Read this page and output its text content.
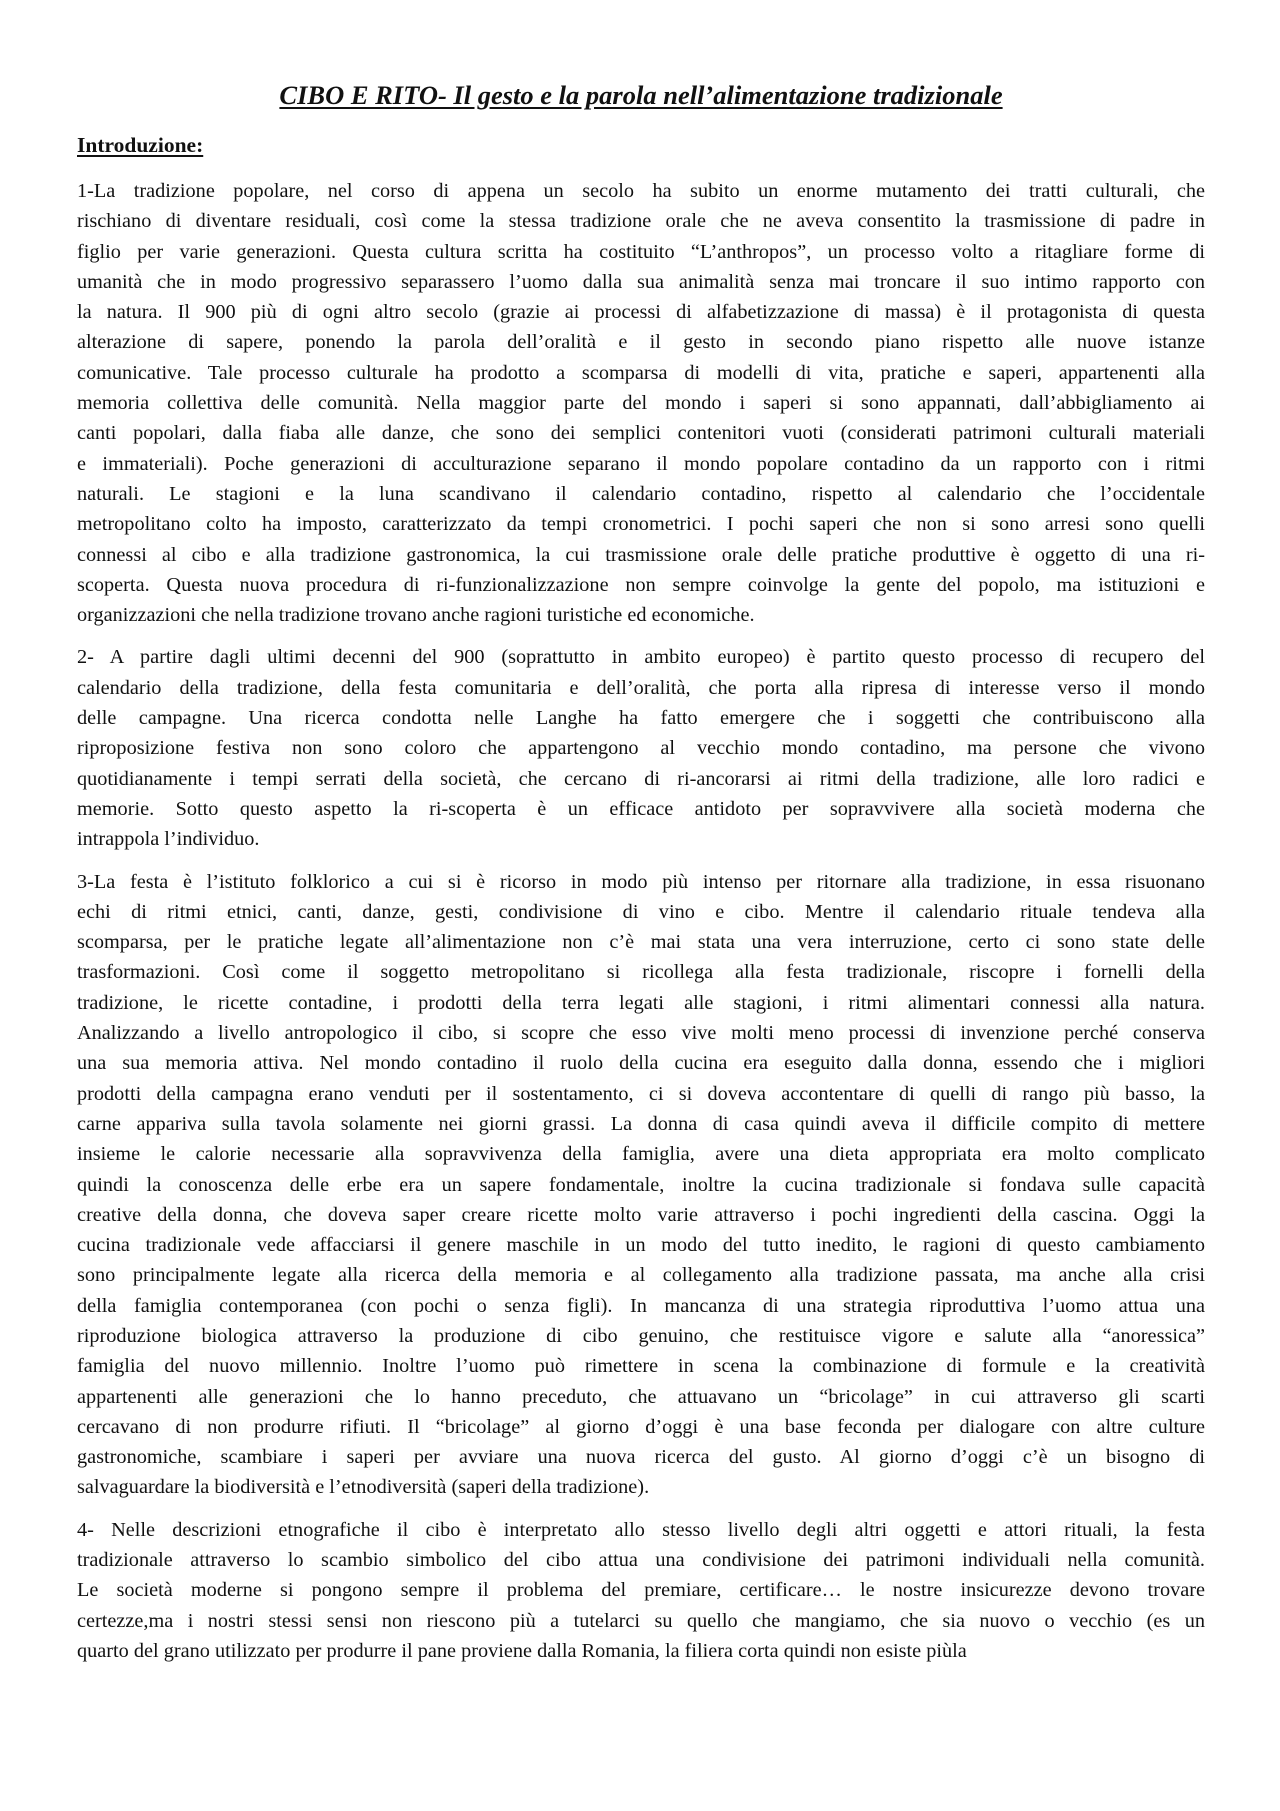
CIBO E RITO- Il gesto e la parola nell’alimentazione tradizionale
Introduzione:
1-La tradizione popolare, nel corso di appena un secolo ha subito un enorme mutamento dei tratti culturali, che
rischiano di diventare residuali, così come la stessa tradizione orale che ne aveva consentito la trasmissione di padre in
figlio per varie generazioni. Questa cultura scritta ha costituito “L’anthropos”, un processo volto a ritagliare forme di
umanità che in modo progressivo separassero l’uomo dalla sua animalità senza mai troncare il suo intimo rapporto con
la natura. Il 900 più di ogni altro secolo (grazie ai processi di alfabetizzazione di massa) è il protagonista di questa
alterazione di sapere, ponendo la parola dell’oralità e il gesto in secondo piano rispetto alle nuove istanze
comunicative. Tale processo culturale ha prodotto a scomparsa di modelli di vita, pratiche e saperi, appartenenti alla
memoria collettiva delle comunità. Nella maggior parte del mondo i saperi si sono appannati, dall’abbigliamento ai
canti popolari, dalla fiaba alle danze, che sono dei semplici contenitori vuoti (considerati patrimoni culturali materiali
e immateriali). Poche generazioni di acculturazione separano il mondo popolare contadino da un rapporto con i ritmi
naturali. Le stagioni e la luna scandivano il calendario contadino, rispetto al calendario che l’occidentale
metropolitano colto ha imposto, caratterizzato da tempi cronometrici. I pochi saperi che non si sono arresi sono quelli
connessi al cibo e alla tradizione gastronomica, la cui trasmissione orale delle pratiche produttive è oggetto di una ri-
scoperta. Questa nuova procedura di ri-funzionalizzazione non sempre coinvolge la gente del popolo, ma istituzioni e
organizzazioni che nella tradizione trovano anche ragioni turistiche ed economiche.
2- A partire dagli ultimi decenni del 900 (soprattutto in ambito europeo) è partito questo processo di recupero del
calendario della tradizione, della festa comunitaria e dell’oralità, che porta alla ripresa di interesse verso il mondo
delle campagne. Una ricerca condotta nelle Langhe ha fatto emergere che i soggetti che contribuiscono alla
riproposizione festiva non sono coloro che appartengono al vecchio mondo contadino, ma persone che vivono
quotidianamente i tempi serrati della società, che cercano di ri-ancorarsi ai ritmi della tradizione, alle loro radici e
memorie. Sotto questo aspetto la ri-scoperta è un efficace antidoto per sopravvivere alla società moderna che
intrappola l’individuo.
3-La festa è l’istituto folklorico a cui si è ricorso in modo più intenso per ritornare alla tradizione, in essa risuonano
echi di ritmi etnici, canti, danze, gesti, condivisione di vino e cibo. Mentre il calendario rituale tendeva alla
scomparsa, per le pratiche legate all’alimentazione non c’è mai stata una vera interruzione, certo ci sono state delle
trasformazioni. Così come il soggetto metropolitano si ricollega alla festa tradizionale, riscopre i fornelli della
tradizione, le ricette contadine, i prodotti della terra legati alle stagioni, i ritmi alimentari connessi alla natura.
Analizzando a livello antropologico il cibo, si scopre che esso vive molti meno processi di invenzione perché conserva
una sua memoria attiva. Nel mondo contadino il ruolo della cucina era eseguito dalla donna, essendo che i migliori
prodotti della campagna erano venduti per il sostentamento, ci si doveva accontentare di quelli di rango più basso, la
carne appariva sulla tavola solamente nei giorni grassi. La donna di casa quindi aveva il difficile compito di mettere
insieme le calorie necessarie alla sopravvivenza della famiglia, avere una dieta appropriata era molto complicato
quindi la conoscenza delle erbe era un sapere fondamentale, inoltre la cucina tradizionale si fondava sulle capacità
creative della donna, che doveva saper creare ricette molto varie attraverso i pochi ingredienti della cascina. Oggi la
cucina tradizionale vede affacciarsi il genere maschile in un modo del tutto inedito, le ragioni di questo cambiamento
sono principalmente legate alla ricerca della memoria e al collegamento alla tradizione passata, ma anche alla crisi
della famiglia contemporanea (con pochi o senza figli). In mancanza di una strategia riproduttiva l’uomo attua una
riproduzione biologica attraverso la produzione di cibo genuino, che restituisce vigore e salute alla “anoressica”
famiglia del nuovo millennio. Inoltre l’uomo può rimettere in scena la combinazione di formule e la creatività
appartenenti alle generazioni che lo hanno preceduto, che attuavano un “bricolage” in cui attraverso gli scarti
cercavano di non produrre rifiuti. Il “bricolage” al giorno d’oggi è una base feconda per dialogare con altre culture
gastronomiche, scambiare i saperi per avviare una nuova ricerca del gusto. Al giorno d’oggi c’è un bisogno di
salvaguardare la biodiversità e l’etnodiversità (saperi della tradizione).
4- Nelle descrizioni etnografiche il cibo è interpretato allo stesso livello degli altri oggetti e attori rituali, la festa
tradizionale attraverso lo scambio simbolico del cibo attua una condivisione dei patrimoni individuali nella comunità.
Le società moderne si pongono sempre il problema del premiare, certificare… le nostre insicurezze devono trovare
certezze,ma i nostri stessi sensi non riescono più a tutelarci su quello che mangiamo, che sia nuovo o vecchio (es un
quarto del grano utilizzato per produrre il pane proviene dalla Romania, la filiera corta quindi non esiste piùla
